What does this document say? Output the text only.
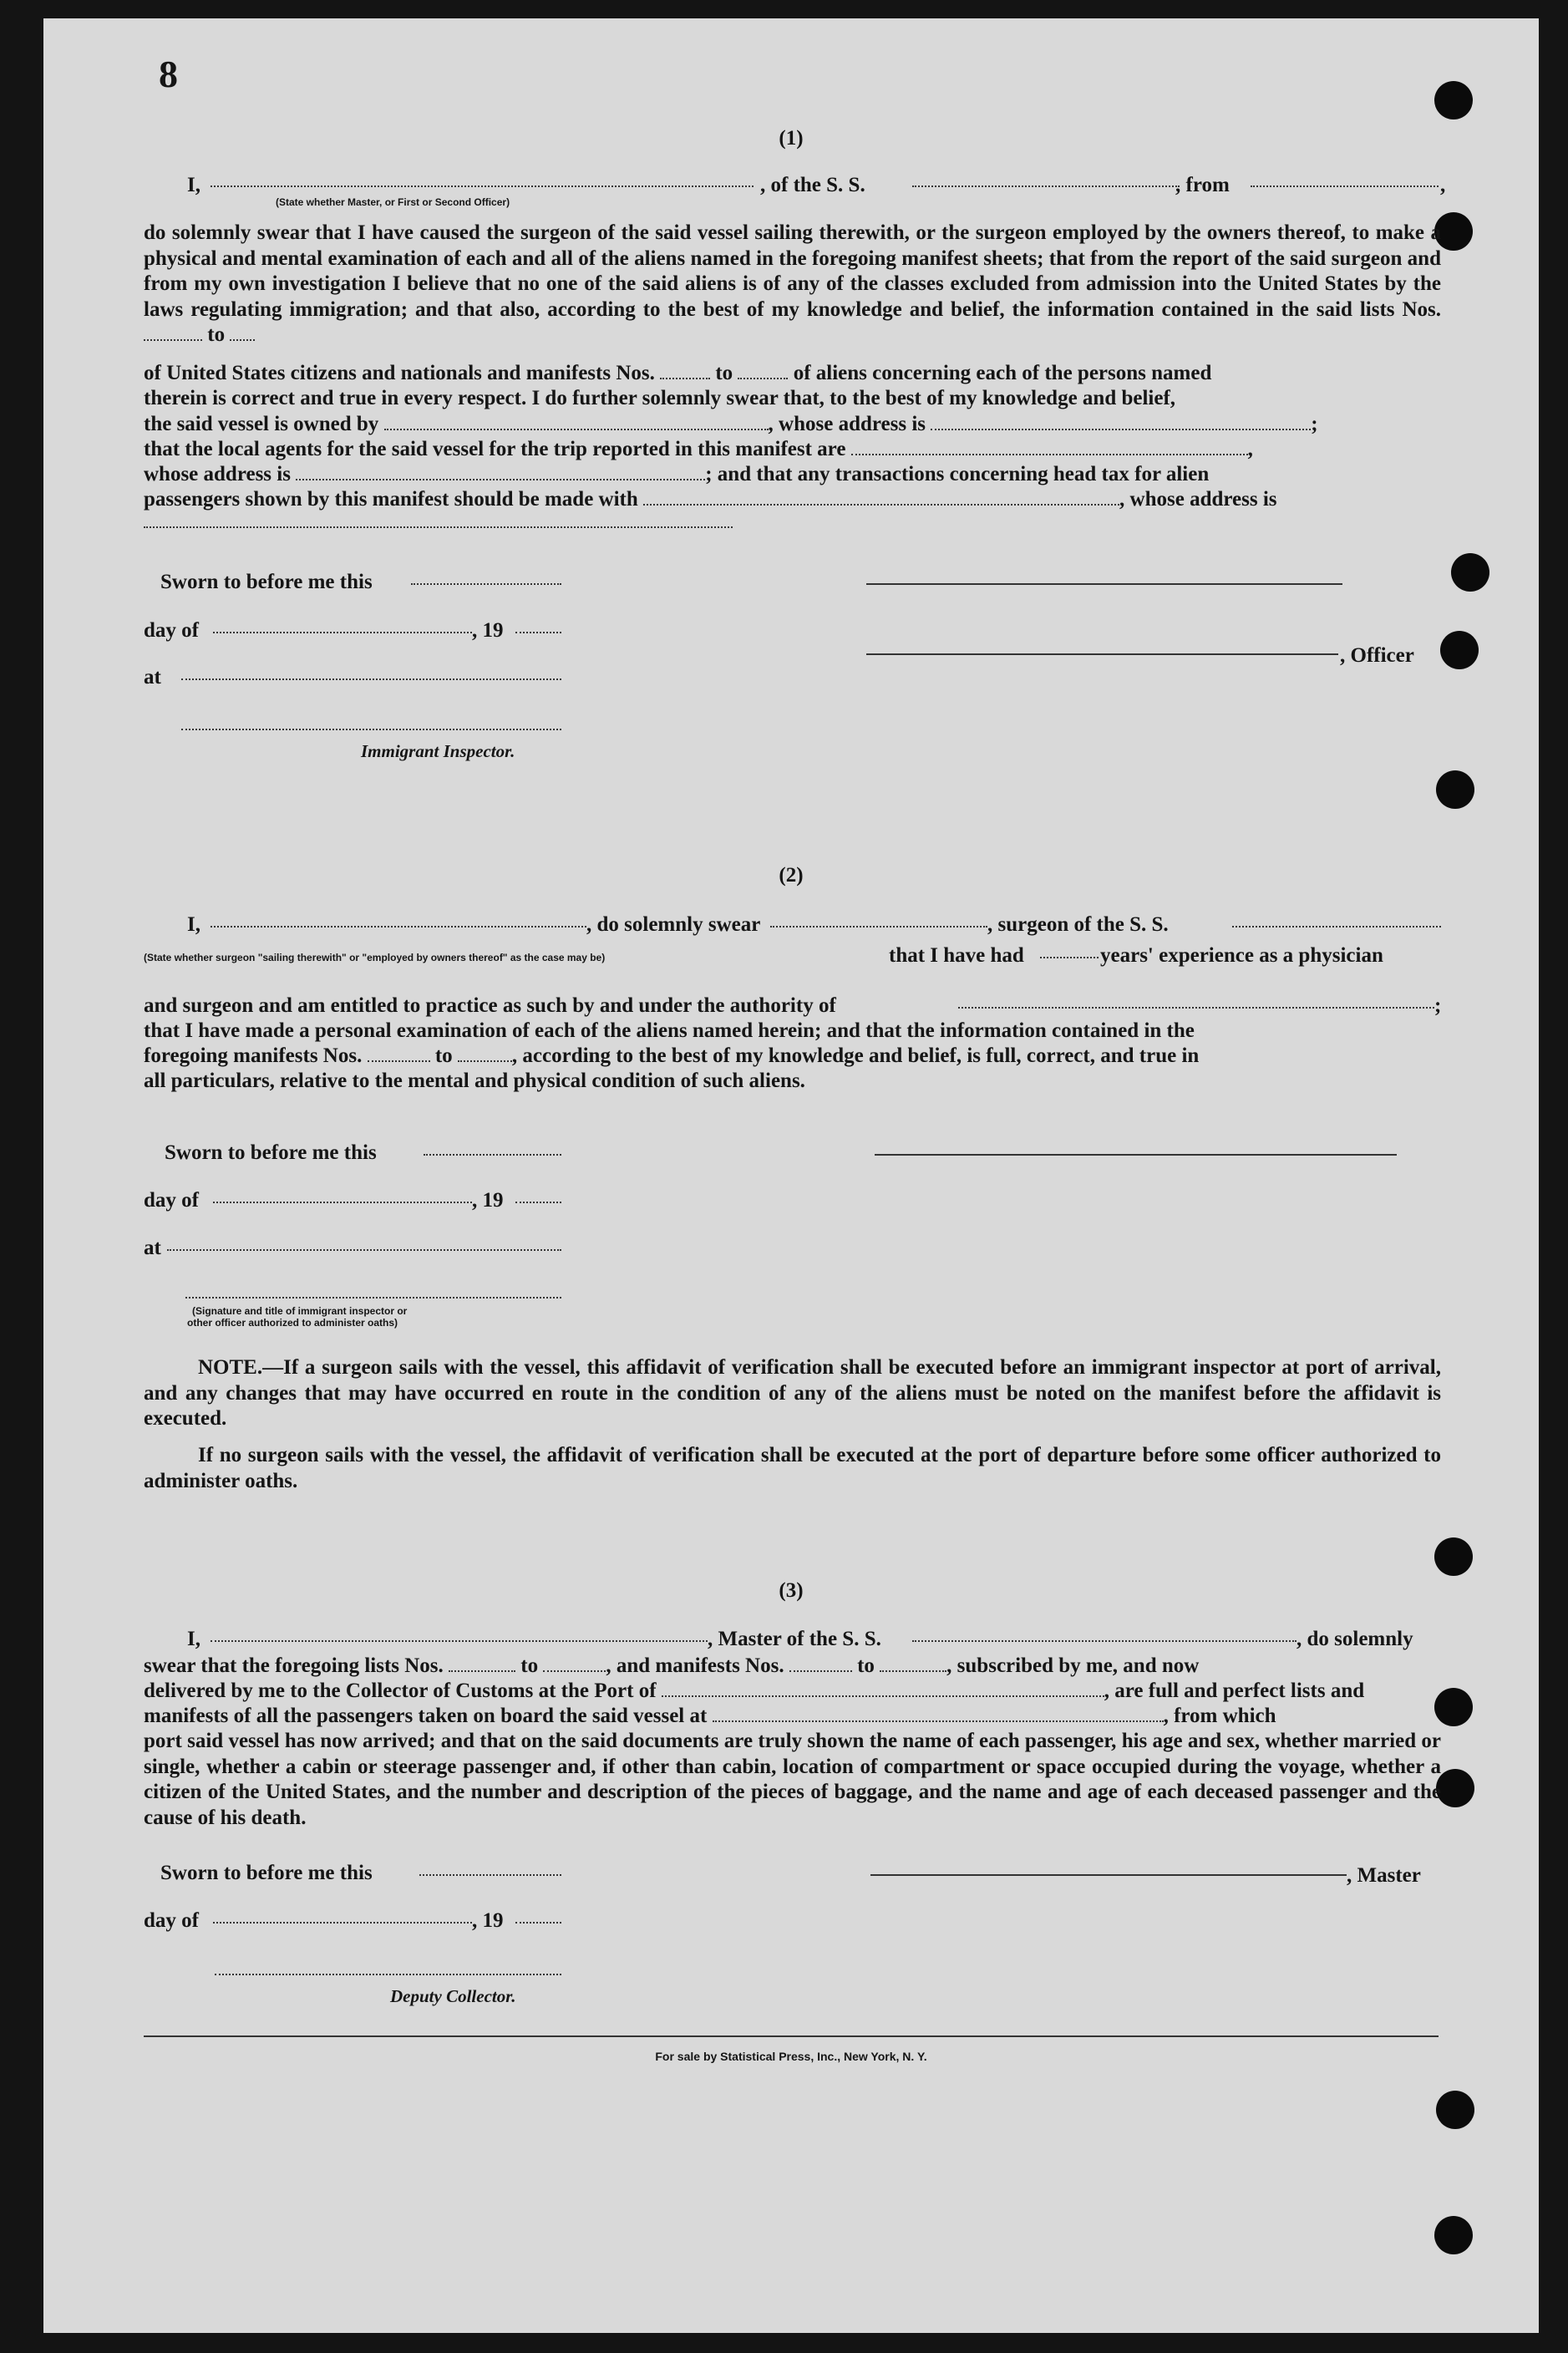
8
(1)
I,
(State whether Master, or First or Second Officer)
, of the S. S.	, from	,
do solemnly swear that I have caused the surgeon of the said vessel sailing therewith, or the surgeon employed by the owners thereof, to make a physical and mental examination of each and all of the aliens named in the foregoing manifest sheets; that from the report of the said surgeon and from my own investigation I believe that no one of the said aliens is of any of the classes excluded from admission into the United States by the laws regulating immigration; and that also, according to the best of my knowledge and belief, the information contained in the said lists Nos.  to
of United States citizens and nationals and manifests Nos.	to	of aliens concerning each of the persons named
therein is correct and true in every respect. I do further solemnly swear that, to the best of my knowledge and belief,
the said vessel is owned by	, whose address is	;
that the local agents for the said vessel for the trip reported in this manifest are	,
whose address is	; and that any transactions concerning head tax for alien
passengers shown by this manifest should be made with	, whose address is
Sworn to before me this
day of	, 19
, Officer
at
Immigrant Inspector.
(2)
I,	, do solemnly swear	, surgeon of the S. S.
(State whether surgeon "sailing therewith" or "employed by owners thereof" as the case may be)	that I have had	years' experience as a physician
and surgeon and am entitled to practice as such by and under the authority of	;
that I have made a personal examination of each of the aliens named herein; and that the information contained in the
foregoing manifests Nos.	to	, according to the best of my knowledge and belief, is full, correct, and true in
all particulars, relative to the mental and physical condition of such aliens.
Sworn to before me this
day of	, 19
at
(Signature and title of immigrant inspector or
other officer authorized to administer oaths)
NOTE.—If a surgeon sails with the vessel, this affidavit of verification shall be executed before an immigrant inspector at port of arrival, and any changes that may have occurred en route in the condition of any of the aliens must be noted on the manifest before the affidavit is executed.
If no surgeon sails with the vessel, the affidavit of verification shall be executed at the port of departure before some officer authorized to administer oaths.
(3)
I,	, Master of the S. S.	, do solemnly
swear that the foregoing lists Nos.	to	, and manifests Nos.	to	, subscribed by me, and now
delivered by me to the Collector of Customs at the Port of	, are full and perfect lists and
manifests of all the passengers taken on board the said vessel at	, from which
port said vessel has now arrived; and that on the said documents are truly shown the name of each passenger, his age and sex, whether married or single, whether a cabin or steerage passenger and, if other than cabin, location of compartment or space occupied during the voyage, whether a citizen of the United States, and the number and description of the pieces of baggage, and the name and age of each deceased passenger and the cause of his death.
Sworn to before me this	, Master
day of	, 19
Deputy Collector.
For sale by Statistical Press, Inc., New York, N. Y.
